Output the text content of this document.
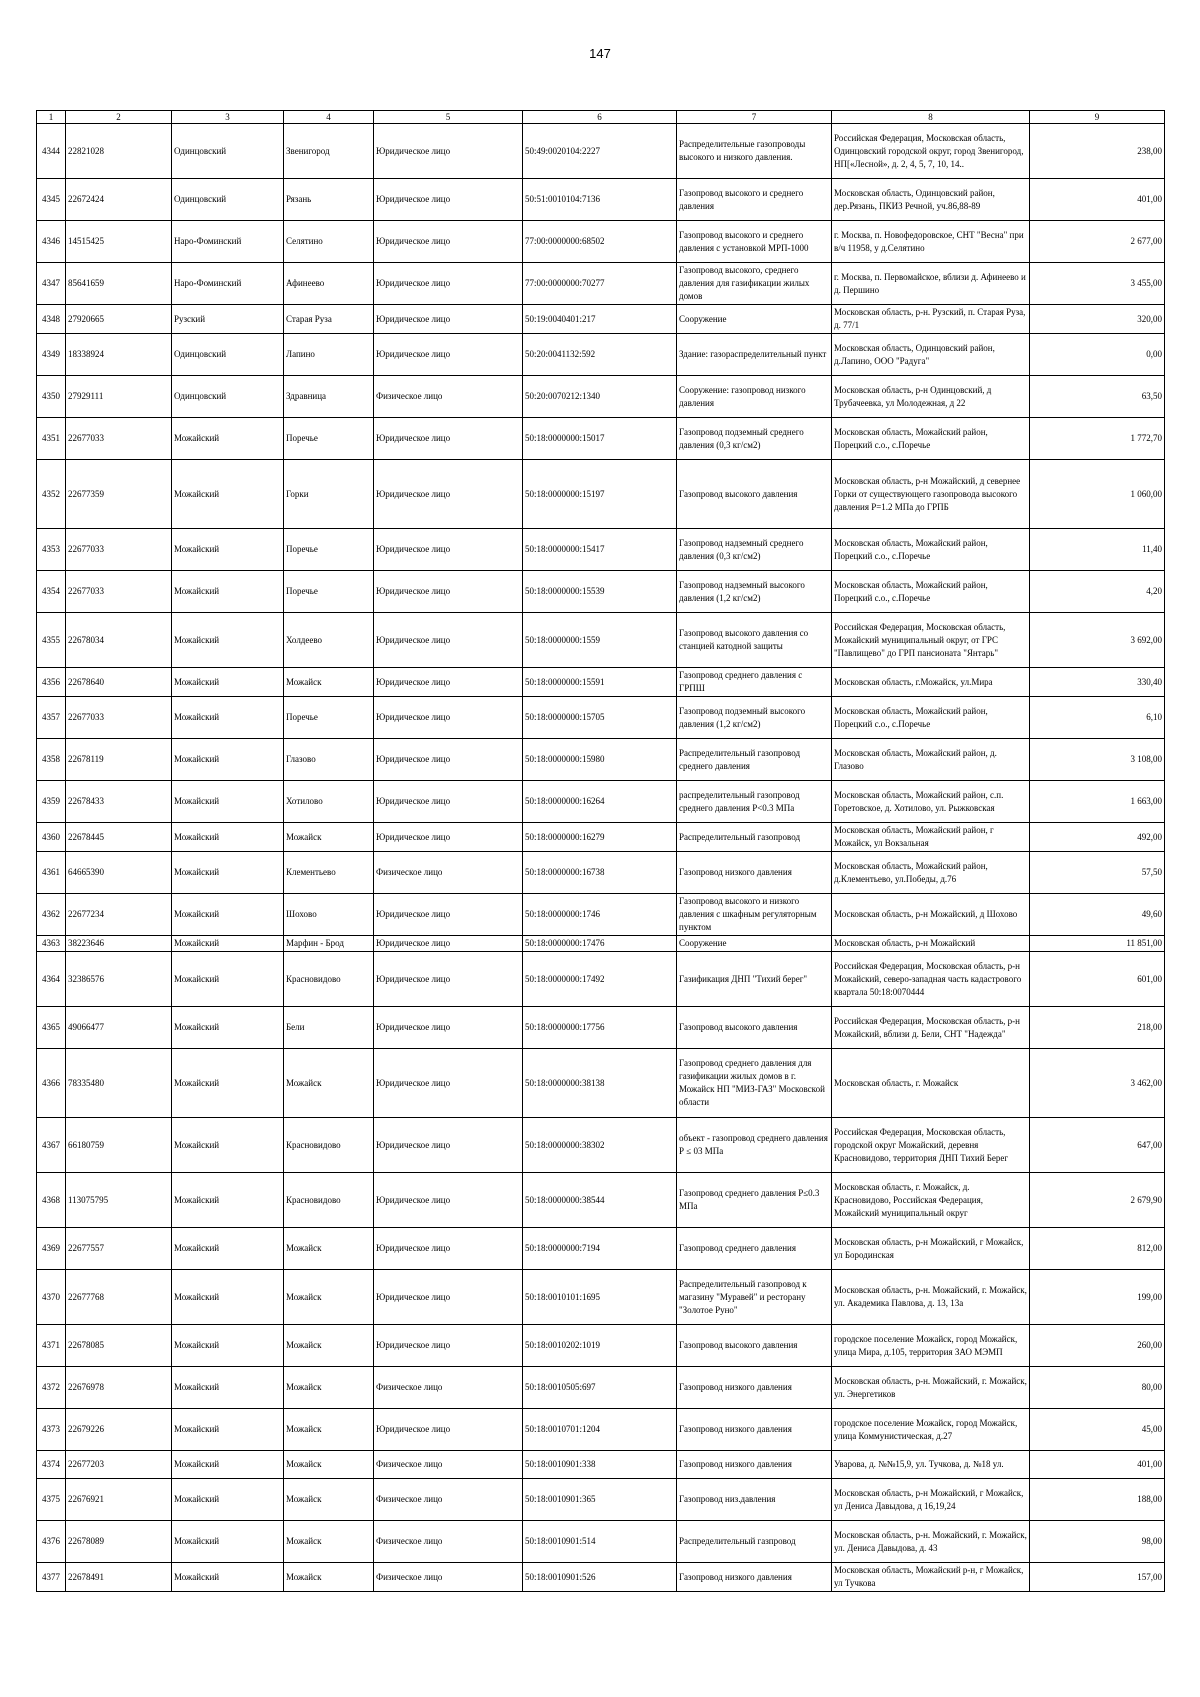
147
1	2	3	4	5	6	7	8	9
4344	22821028	Одинцовский	Звенигород	Юридическое лицо	50:49:0020104:2227	Распределительные газопроводы высокого и низкого давления.	Российская Федерация, Московская область, Одинцовский городской округ, город Звенигород, НП[«Лесной», д. 2, 4, 5, 7, 10, 14..	238,00
4345	22672424	Одинцовский	Рязань	Юридическое лицо	50:51:0010104:7136	Газопровод высокого и среднего давления	Московская область, Одинцовский район, дер.Рязань, ПКИЗ Речной, уч.86,88-89	401,00
4346	14515425	Наро-Фоминский	Селятино	Юридическое лицо	77:00:0000000:68502	Газопровод высокого и среднего давления с установкой МРП-1000	г. Москва, п. Новофедоровское, СНТ "Весна" при в/ч 11958, у д.Селятино	2 677,00
4347	85641659	Наро-Фоминский	Афинеево	Юридическое лицо	77:00:0000000:70277	Газопровод высокого, среднего давления для газификации жилых домов	г. Москва, п. Первомайское, вблизи д. Афинеево и д. Першино	3 455,00
4348	27920665	Рузский	Старая Руза	Юридическое лицо	50:19:0040401:217	Сооружение	Московская область, р-н. Рузский, п. Старая Руза, д. 77/1	320,00
4349	18338924	Одинцовский	Лапино	Юридическое лицо	50:20:0041132:592	Здание: газораспределительный пункт	Московская область, Одинцовский район, д.Лапино, ООО "Радуга"	0,00
4350	27929111	Одинцовский	Здравница	Физическое лицо	50:20:0070212:1340	Сооружение: газопровод низкого давления	Московская область, р-н Одинцовский, д Трубачеевка, ул Молодежная, д 22	63,50
4351	22677033	Можайский	Поречье	Юридическое лицо	50:18:0000000:15017	Газопровод подземный среднего давления (0,3 кг/см2)	Московская область, Можайский район, Порецкий с.о., с.Поречье	1 772,70
4352	22677359	Можайский	Горки	Юридическое лицо	50:18:0000000:15197	Газопровод высокого давления	Московская область, р-н Можайский, д севернее Горки от существующего газопровода высокого давления Р=1.2 МПа до ГРПБ	1 060,00
4353	22677033	Можайский	Поречье	Юридическое лицо	50:18:0000000:15417	Газопровод надземный среднего давления (0,3 кг/см2)	Московская область, Можайский район, Порецкий с.о., с.Поречье	11,40
4354	22677033	Можайский	Поречье	Юридическое лицо	50:18:0000000:15539	Газопровод надземный высокого давления (1,2 кг/см2)	Московская область, Можайский район, Порецкий с.о., с.Поречье	4,20
4355	22678034	Можайский	Холдеево	Юридическое лицо	50:18:0000000:1559	Газопровод высокого давления со станцией катодной защиты	Российская Федерация, Московская область, Можайский муниципальный округ, от ГРС "Павлищево" до ГРП пансионата "Янтарь"	3 692,00
4356	22678640	Можайский	Можайск	Юридическое лицо	50:18:0000000:15591	Газопровод среднего давления с ГРПШ	Московская область, г.Можайск, ул.Мира	330,40
4357	22677033	Можайский	Поречье	Юридическое лицо	50:18:0000000:15705	Газопровод подземный высокого давления (1,2 кг/см2)	Московская область, Можайский район, Порецкий с.о., с.Поречье	6,10
4358	22678119	Можайский	Глазово	Юридическое лицо	50:18:0000000:15980	Распределительный газопровод среднего давления	Московская область, Можайский район, д. Глазово	3 108,00
4359	22678433	Можайский	Хотилово	Юридическое лицо	50:18:0000000:16264	распределительный газопровод среднего давления Р<0.3 МПа	Московская область, Можайский район, с.п. Горетовское, д. Хотилово, ул. Рыжковская	1 663,00
4360	22678445	Можайский	Можайск	Юридическое лицо	50:18:0000000:16279	Распределительный газопровод	Московская область, Можайский район, г Можайск, ул Вокзальная	492,00
4361	64665390	Можайский	Клементьево	Физическое лицо	50:18:0000000:16738	Газопровод низкого давления	Московская область, Можайский район, д.Клементьево, ул.Победы, д.76	57,50
4362	22677234	Можайский	Шохово	Юридическое лицо	50:18:0000000:1746	Газопровод высокого и низкого давления с шкафным регуляторным пунктом	Московская область, р-н Можайский, д Шохово	49,60
4363	38223646	Можайский	Марфин - Брод	Юридическое лицо	50:18:0000000:17476	Сооружение	Московская область, р-н Можайский	11 851,00
4364	32386576	Можайский	Красновидово	Юридическое лицо	50:18:0000000:17492	Газификация ДНП "Тихий берег"	Российская Федерация, Московская область, р-н Можайский, северо-западная часть кадастрового квартала 50:18:0070444	601,00
4365	49066477	Можайский	Бели	Юридическое лицо	50:18:0000000:17756	Газопровод высокого давления	Российская Федерация, Московская область, р-н Можайский, вблизи д. Бели, СНТ "Надежда"	218,00
4366	78335480	Можайский	Можайск	Юридическое лицо	50:18:0000000:38138	Газопровод среднего давления для газификации жилых домов в г. Можайск НП "МИЗ-ГАЗ" Московской области	Московская область, г. Можайск	3 462,00
4367	66180759	Можайский	Красновидово	Юридическое лицо	50:18:0000000:38302	объект - газопровод среднего давления Р ≤ 03 МПа	Российская Федерация, Московская область, городской округ Можайский, деревня Красновидово, территория ДНП Тихий Берег	647,00
4368	113075795	Можайский	Красновидово	Юридическое лицо	50:18:0000000:38544	Газопровод среднего давления Р≤0.3 МПа	Московская область, г. Можайск, д. Красновидово, Российская Федерация, Можайский муниципальный округ	2 679,90
4369	22677557	Можайский	Можайск	Юридическое лицо	50:18:0000000:7194	Газопровод среднего давления	Московская область, р-н Можайский, г Можайск, ул Бородинская	812,00
4370	22677768	Можайский	Можайск	Юридическое лицо	50:18:0010101:1695	Распределительный газопровод к магазину "Муравей" и ресторану "Золотое Руно"	Московская область, р-н. Можайский, г. Можайск, ул. Академика Павлова, д. 13, 13а	199,00
4371	22678085	Можайский	Можайск	Юридическое лицо	50:18:0010202:1019	Газопровод высокого давления	городское поселение Можайск, город Можайск, улица Мира, д.105, территория ЗАО МЭМП	260,00
4372	22676978	Можайский	Можайск	Физическое лицо	50:18:0010505:697	Газопровод низкого давления	Московская область, р-н. Можайский, г. Можайск, ул. Энергетиков	80,00
4373	22679226	Можайский	Можайск	Юридическое лицо	50:18:0010701:1204	Газопровод низкого давления	городское поселение Можайск, город Можайск, улица Коммунистическая, д.27	45,00
4374	22677203	Можайский	Можайск	Физическое лицо	50:18:0010901:338	Газопровод низкого давления	Уварова, д. №№15,9, ул. Тучкова, д. №18 ул.	401,00
4375	22676921	Можайский	Можайск	Физическое лицо	50:18:0010901:365	Газопровод низ.давления	Московская область, р-н Можайский, г Можайск, ул Дениса Давыдова, д 16,19,24	188,00
4376	22678089	Можайский	Можайск	Физическое лицо	50:18:0010901:514	Распределительный газпровод	Московская область, р-н. Можайский, г. Можайск, ул. Дениса Давыдова, д. 43	98,00
4377	22678491	Можайский	Можайск	Физическое лицо	50:18:0010901:526	Газопровод низкого давления	Московская область, Можайский р-н, г Можайск, ул Тучкова	157,00
